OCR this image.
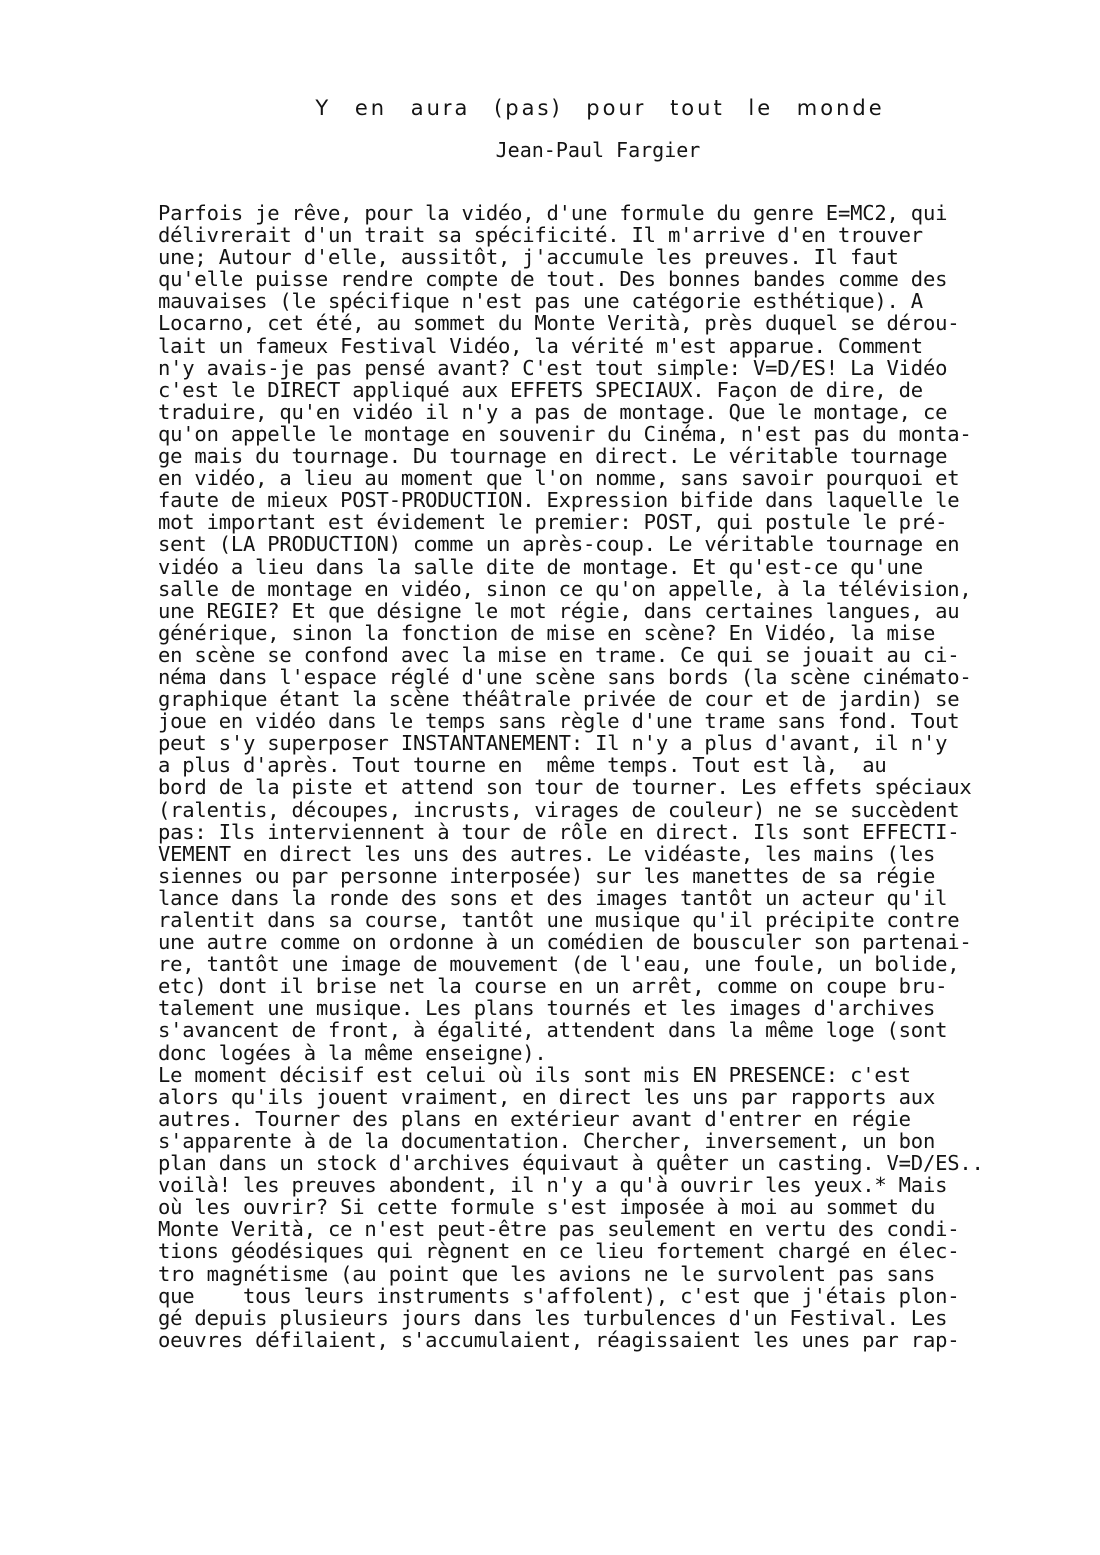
Y en aura (pas) pour tout le monde
Jean-Paul Fargier
Parfois je rêve, pour la vidéo, d'une formule du genre E=MC2, qui
délivrerait d'un trait sa spécificité. Il m'arrive d'en trouver
une; Autour d'elle, aussitôt, j'accumule les preuves. Il faut
qu'elle puisse rendre compte de tout. Des bonnes bandes comme des
mauvaises (le spécifique n'est pas une catégorie esthétique). A
Locarno, cet été, au sommet du Monte Verità, près duquel se dérou-
lait un fameux Festival Vidéo, la vérité m'est apparue. Comment
n'y avais-je pas pensé avant? C'est tout simple: V=D/ES! La Vidéo
c'est le DIRECT appliqué aux EFFETS SPECIAUX. Façon de dire, de
traduire, qu'en vidéo il n'y a pas de montage. Que le montage, ce
qu'on appelle le montage en souvenir du Cinéma, n'est pas du monta-
ge mais du tournage. Du tournage en direct. Le véritable tournage
en vidéo, a lieu au moment que l'on nomme, sans savoir pourquoi et
faute de mieux POST-PRODUCTION. Expression bifide dans laquelle le
mot important est évidement le premier: POST, qui postule le pré-
sent (LA PRODUCTION) comme un après-coup. Le véritable tournage en
vidéo a lieu dans la salle dite de montage. Et qu'est-ce qu'une
salle de montage en vidéo, sinon ce qu'on appelle, à la télévision,
une REGIE? Et que désigne le mot régie, dans certaines langues, au
générique, sinon la fonction de mise en scène? En Vidéo, la mise
en scène se confond avec la mise en trame. Ce qui se jouait au ci-
néma dans l'espace réglé d'une scène sans bords (la scène cinémato-
graphique étant la scène théâtrale privée de cour et de jardin) se
joue en vidéo dans le temps sans règle d'une trame sans fond. Tout
peut s'y superposer INSTANTANEMENT: Il n'y a plus d'avant, il n'y
a plus d'après. Tout tourne en  même temps. Tout est là,  au
bord de la piste et attend son tour de tourner. Les effets spéciaux
(ralentis, découpes, incrusts, virages de couleur) ne se succèdent
pas: Ils interviennent à tour de rôle en direct. Ils sont EFFECTI-
VEMENT en direct les uns des autres. Le vidéaste, les mains (les
siennes ou par personne interposée) sur les manettes de sa régie
lance dans la ronde des sons et des images tantôt un acteur qu'il
ralentit dans sa course, tantôt une musique qu'il précipite contre
une autre comme on ordonne à un comédien de bousculer son partenai-
re, tantôt une image de mouvement (de l'eau, une foule, un bolide,
etc) dont il brise net la course en un arrêt, comme on coupe bru-
talement une musique. Les plans tournés et les images d'archives
s'avancent de front, à égalité, attendent dans la même loge (sont
donc logées à la même enseigne).
Le moment décisif est celui où ils sont mis EN PRESENCE: c'est
alors qu'ils jouent vraiment, en direct les uns par rapports aux
autres. Tourner des plans en extérieur avant d'entrer en régie
s'apparente à de la documentation. Chercher, inversement, un bon
plan dans un stock d'archives équivaut à quêter un casting. V=D/ES..
voilà! les preuves abondent, il n'y a qu'à ouvrir les yeux.* Mais
où les ouvrir? Si cette formule s'est imposée à moi au sommet du
Monte Verità, ce n'est peut-être pas seulement en vertu des condi-
tions géodésiques qui règnent en ce lieu fortement chargé en élec-
tro magnétisme (au point que les avions ne le survolent pas sans
que    tous leurs instruments s'affolent), c'est que j'étais plon-
gé depuis plusieurs jours dans les turbulences d'un Festival. Les
oeuvres défilaient, s'accumulaient, réagissaient les unes par rap-
